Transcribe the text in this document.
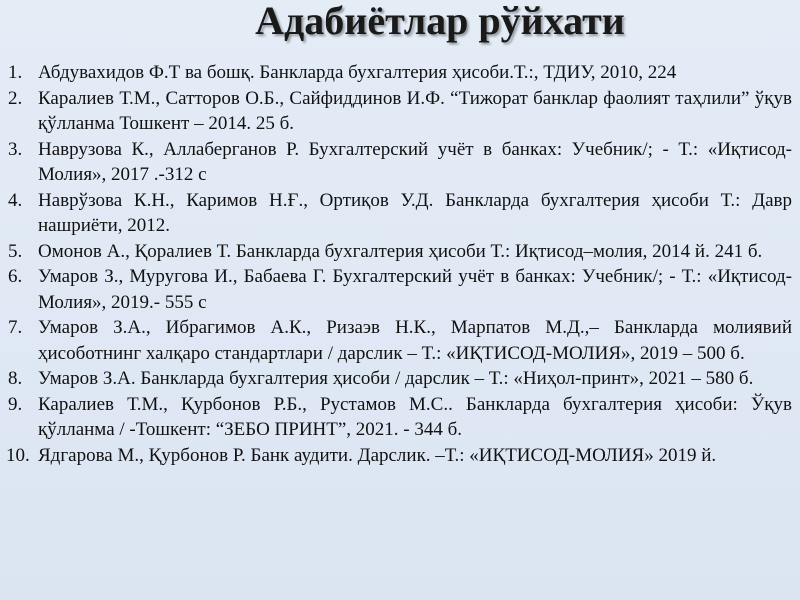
Адабиётлар рўйхати
1. Абдувахидов Ф.Т ва бошқ. Банкларда бухгалтерия ҳисоби.Т.:, ТДИУ, 2010, 224
2. Каралиев Т.М., Сатторов О.Б., Сайфиддинов И.Ф. “Тижорат банклар фаолият таҳлили” ўқув қўлланма Тошкент – 2014. 25 б.
3. Наврузова К., Аллаберганов Р. Бухгалтерский учёт в банках: Учебник/; - Т.: «Иқтисод-Молия», 2017 .-312 с
4. Наврўзова К.Н., Каримов Н.Ғ., Ортиқов У.Д. Банкларда бухгалтерия ҳисоби Т.: Давр нашриёти, 2012.
5. Омонов А., Қоралиев Т. Банкларда бухгалтерия ҳисоби Т.: Иқтисод–молия, 2014 й. 241 б.
6. Умаров З., Муругова И., Бабаева Г. Бухгалтерский учёт в банках: Учебник/; - Т.: «Иқтисод-Молия», 2019.- 555 с
7. Умаров З.А., Ибрагимов А.К., Ризаэв Н.К., Марпатов М.Д.,– Банкларда молиявий ҳисоботнинг халқаро стандартлари / дарслик – Т.: «ИҚТИСОД-МОЛИЯ», 2019 – 500 б.
8. Умаров З.А. Банкларда бухгалтерия ҳисоби / дарслик – Т.: «Ниҳол-принт», 2021 – 580 б.
9. Каралиев Т.М., Қурбонов Р.Б., Рустамов М.С.. Банкларда бухгалтерия ҳисоби: Ўқув қўлланма / -Тошкент: “ЗЕБО ПРИНТ”, 2021. - 344 б.
10. Ядгарова М., Қурбонов Р. Банк аудити. Дарслик. –Т.: «ИҚТИСОД-МОЛИЯ» 2019 й.
